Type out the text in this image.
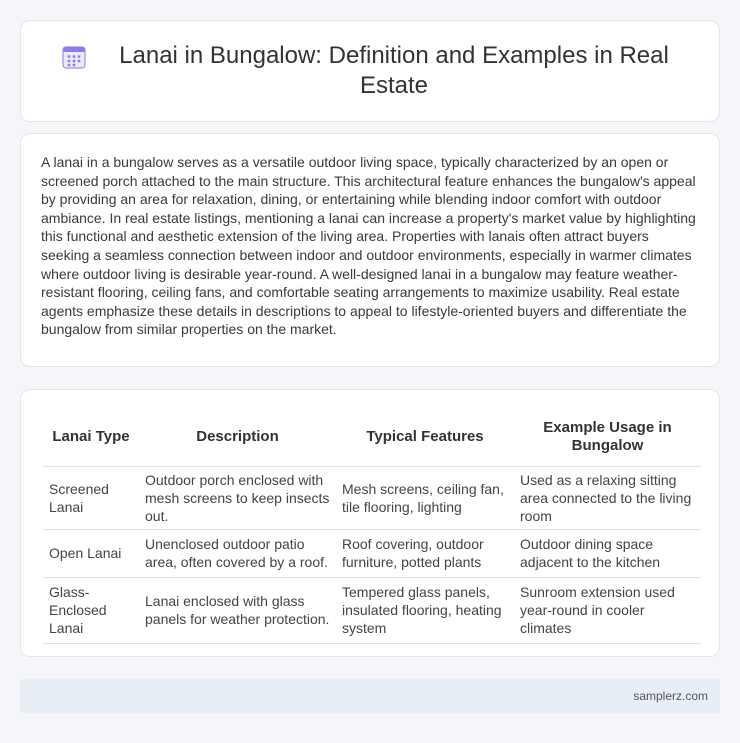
Lanai in Bungalow: Definition and Examples in Real Estate

A lanai in a bungalow serves as a versatile outdoor living space, typically characterized by an open or screened porch attached to the main structure. This architectural feature enhances the bungalow's appeal by providing an area for relaxation, dining, or entertaining while blending indoor comfort with outdoor ambiance. In real estate listings, mentioning a lanai can increase a property's market value by highlighting this functional and aesthetic extension of the living area. Properties with lanais often attract buyers seeking a seamless connection between indoor and outdoor environments, especially in warmer climates where outdoor living is desirable year-round. A well-designed lanai in a bungalow may feature weather-resistant flooring, ceiling fans, and comfortable seating arrangements to maximize usability. Real estate agents emphasize these details in descriptions to appeal to lifestyle-oriented buyers and differentiate the bungalow from similar properties on the market.

Lanai Type	Description	Typical Features	Example Usage in Bungalow
Screened Lanai	Outdoor porch enclosed with mesh screens to keep insects out.	Mesh screens, ceiling fan, tile flooring, lighting	Used as a relaxing sitting area connected to the living room
Open Lanai	Unenclosed outdoor patio area, often covered by a roof.	Roof covering, outdoor furniture, potted plants	Outdoor dining space adjacent to the kitchen
Glass-Enclosed Lanai	Lanai enclosed with glass panels for weather protection.	Tempered glass panels, insulated flooring, heating system	Sunroom extension used year-round in cooler climates
samplerz.com
